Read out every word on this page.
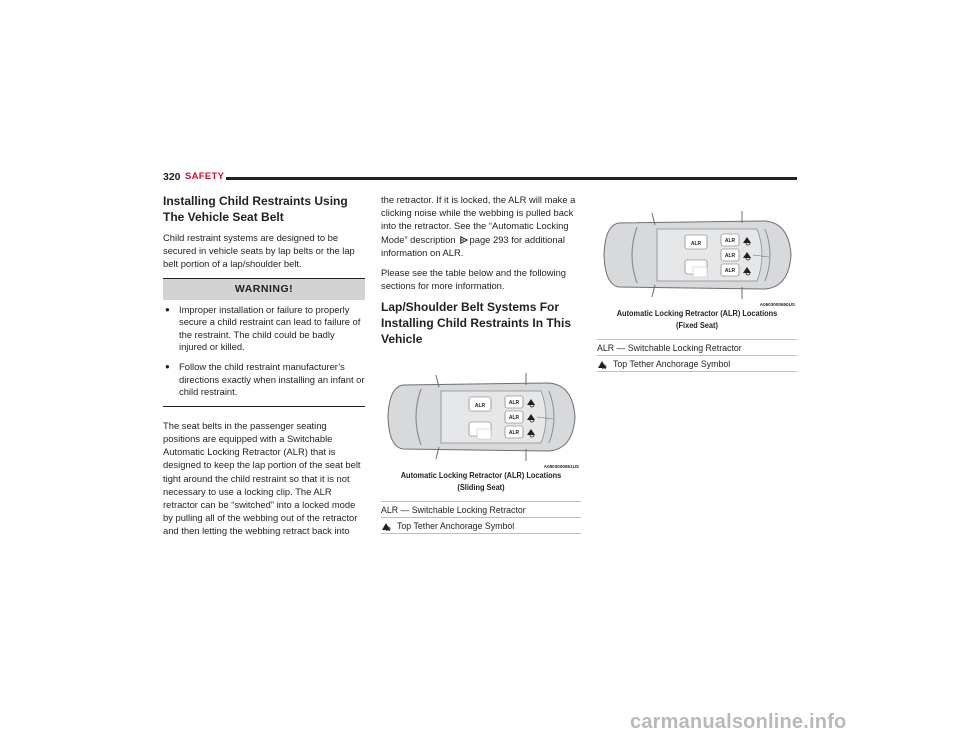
320 SAFETY
Installing Child Restraints Using The Vehicle Seat Belt

Child restraint systems are designed to be secured in vehicle seats by lap belts or the lap belt portion of a lap/shoulder belt.

WARNING!
● Improper installation or failure to properly secure a child restraint can lead to failure of the restraint. The child could be badly injured or killed.
● Follow the child restraint manufacturer’s directions exactly when installing an infant or child restraint.

The seat belts in the passenger seating positions are equipped with a Switchable Automatic Locking Retractor (ALR) that is designed to keep the lap portion of the seat belt tight around the child restraint so that it is not necessary to use a locking clip. The ALR retractor can be “switched” into a locked mode by pulling all of the webbing out of the retractor and then letting the webbing retract back into

the retractor. If it is locked, the ALR will make a clicking noise while the webbing is pulled back into the retractor. See the “Automatic Locking Mode” description page 293 for additional information on ALR.

Please see the table below and the following sections for more information.

Lap/Shoulder Belt Systems For Installing Child Restraints In This Vehicle
ALR	ALR
ALR
ALR
A0503000651US
Automatic Locking Retractor (ALR) Locations
(Sliding Seat)
ALR — Switchable Locking Retractor
Top Tether Anchorage Symbol
ALR	ALR
ALR
ALR
A0503000650US
Automatic Locking Retractor (ALR) Locations
(Fixed Seat)
ALR — Switchable Locking Retractor
Top Tether Anchorage Symbol
carmanualsonline.info
